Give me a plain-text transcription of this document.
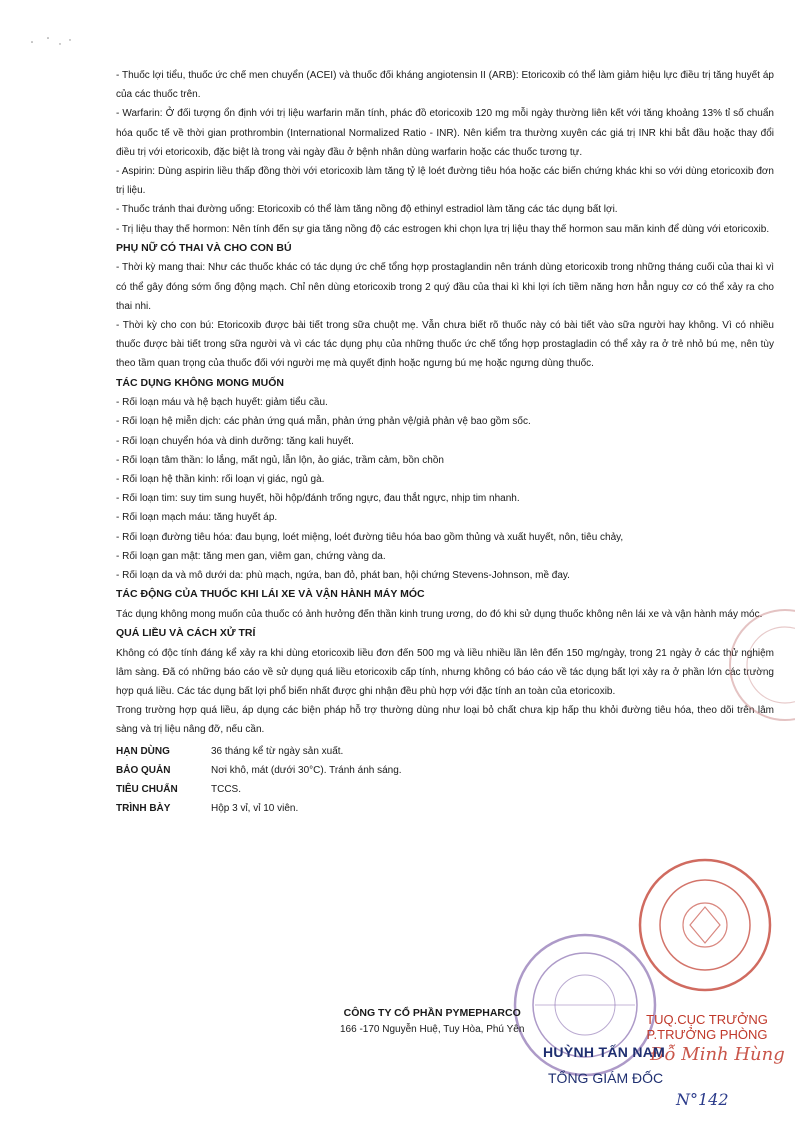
- Thuốc lợi tiểu, thuốc ức chế men chuyển (ACEI) và thuốc đối kháng angiotensin II (ARB): Etoricoxib có thể làm giảm hiệu lực điều trị tăng huyết áp của các thuốc trên.

- Warfarin: Ở đối tượng ổn định với trị liệu warfarin mãn tính, phác đồ etoricoxib 120 mg mỗi ngày thường liên kết với tăng khoảng 13% tỉ số chuẩn hóa quốc tế về thời gian prothrombin (International Normalized Ratio - INR). Nên kiểm tra thường xuyên các giá trị INR khi bắt đầu hoặc thay đổi điều trị với etoricoxib, đặc biệt là trong vài ngày đầu ở bệnh nhân dùng warfarin hoặc các thuốc tương tự.

- Aspirin: Dùng aspirin liều thấp đồng thời với etoricoxib làm tăng tỷ lệ loét đường tiêu hóa hoặc các biến chứng khác khi so với dùng etoricoxib đơn trị liệu.

- Thuốc tránh thai đường uống: Etoricoxib có thể làm tăng nồng độ ethinyl estradiol làm tăng các tác dụng bất lợi.

- Trị liệu thay thế hormon: Nên tính đến sự gia tăng nồng độ các estrogen khi chọn lựa trị liệu thay thế hormon sau mãn kinh để dùng với etoricoxib.

PHỤ NỮ CÓ THAI VÀ CHO CON BÚ

- Thời kỳ mang thai: Như các thuốc khác có tác dụng ức chế tổng hợp prostaglandin nên tránh dùng etoricoxib trong những tháng cuối của thai kì vì có thể gây đóng sớm ống động mạch. Chỉ nên dùng etoricoxib trong 2 quý đầu của thai kì khi lợi ích tiềm năng hơn hẳn nguy cơ có thể xảy ra cho thai nhi.

- Thời kỳ cho con bú: Etoricoxib được bài tiết trong sữa chuột mẹ. Vẫn chưa biết rõ thuốc này có bài tiết vào sữa người hay không. Vì có nhiều thuốc được bài tiết trong sữa người và vì các tác dụng phụ của những thuốc ức chế tổng hợp prostagladin có thể xảy ra ở trẻ nhỏ bú mẹ, nên tùy theo tầm quan trọng của thuốc đối với người mẹ mà quyết định hoặc ngưng bú mẹ hoặc ngưng dùng thuốc.

TÁC DỤNG KHÔNG MONG MUỐN

- Rối loạn máu và hệ bạch huyết: giảm tiểu cầu.

- Rối loạn hệ miễn dịch: các phản ứng quá mẫn, phản ứng phản vệ/giả phản vệ bao gồm sốc.

- Rối loạn chuyển hóa và dinh dưỡng: tăng kali huyết.

- Rối loạn tâm thần: lo lắng, mất ngủ, lẫn lộn, ảo giác, trầm cảm, bồn chồn

- Rối loạn hệ thần kinh: rối loạn vị giác, ngủ gà.

- Rối loạn tim: suy tim sung huyết, hồi hộp/đánh trống ngực, đau thắt ngực, nhịp tim nhanh.

- Rối loạn mạch máu: tăng huyết áp.

- Rối loạn đường tiêu hóa: đau bụng, loét miệng, loét đường tiêu hóa bao gồm thủng và xuất huyết, nôn, tiêu chảy,

- Rối loạn gan mật: tăng men gan, viêm gan, chứng vàng da.

- Rối loạn da và mô dưới da: phù mạch, ngứa, ban đỏ, phát ban, hội chứng Stevens-Johnson, mề đay.

TÁC ĐỘNG CỦA THUỐC KHI LÁI XE VÀ VẬN HÀNH MÁY MÓC

Tác dụng không mong muốn của thuốc có ảnh hưởng đến thần kinh trung ương, do đó khi sử dụng thuốc không nên lái xe và vận hành máy móc.

QUÁ LIỀU VÀ CÁCH XỬ TRÍ

Không có độc tính đáng kể xảy ra khi dùng etoricoxib liều đơn đến 500 mg và liều nhiều lần lên đến 150 mg/ngày, trong 21 ngày ở các thử nghiệm lâm sàng. Đã có những báo cáo về sử dụng quá liều etoricoxib cấp tính, nhưng không có báo cáo về tác dụng bất lợi xảy ra ở phần lớn các trường hợp quá liều. Các tác dụng bất lợi phổ biến nhất được ghi nhận đều phù hợp với đặc tính an toàn của etoricoxib.

Trong trường hợp quá liều, áp dụng các biện pháp hỗ trợ thường dùng như loại bỏ chất chưa kịp hấp thu khỏi đường tiêu hóa, theo dõi trên lâm sàng và trị liệu nâng đỡ, nếu cần.

HẠN DÙNG	36 tháng kể từ ngày sản xuất.
BẢO QUẢN	Nơi khô, mát (dưới 30°C). Tránh ánh sáng.
TIÊU CHUẨN	TCCS.
TRÌNH BÀY	Hộp 3 vỉ, vỉ 10 viên.
CÔNG TY CỔ PHẦN PYMEPHARCO
166 -170 Nguyễn Huệ, Tuy Hòa, Phú Yên
TUQ.CỤC TRƯỞNG
P.TRƯỞNG PHÒNG
Đỗ Minh Hùng
HUỲNH TẤN NAM
TỔNG GIÁM ĐỐC
N°142
